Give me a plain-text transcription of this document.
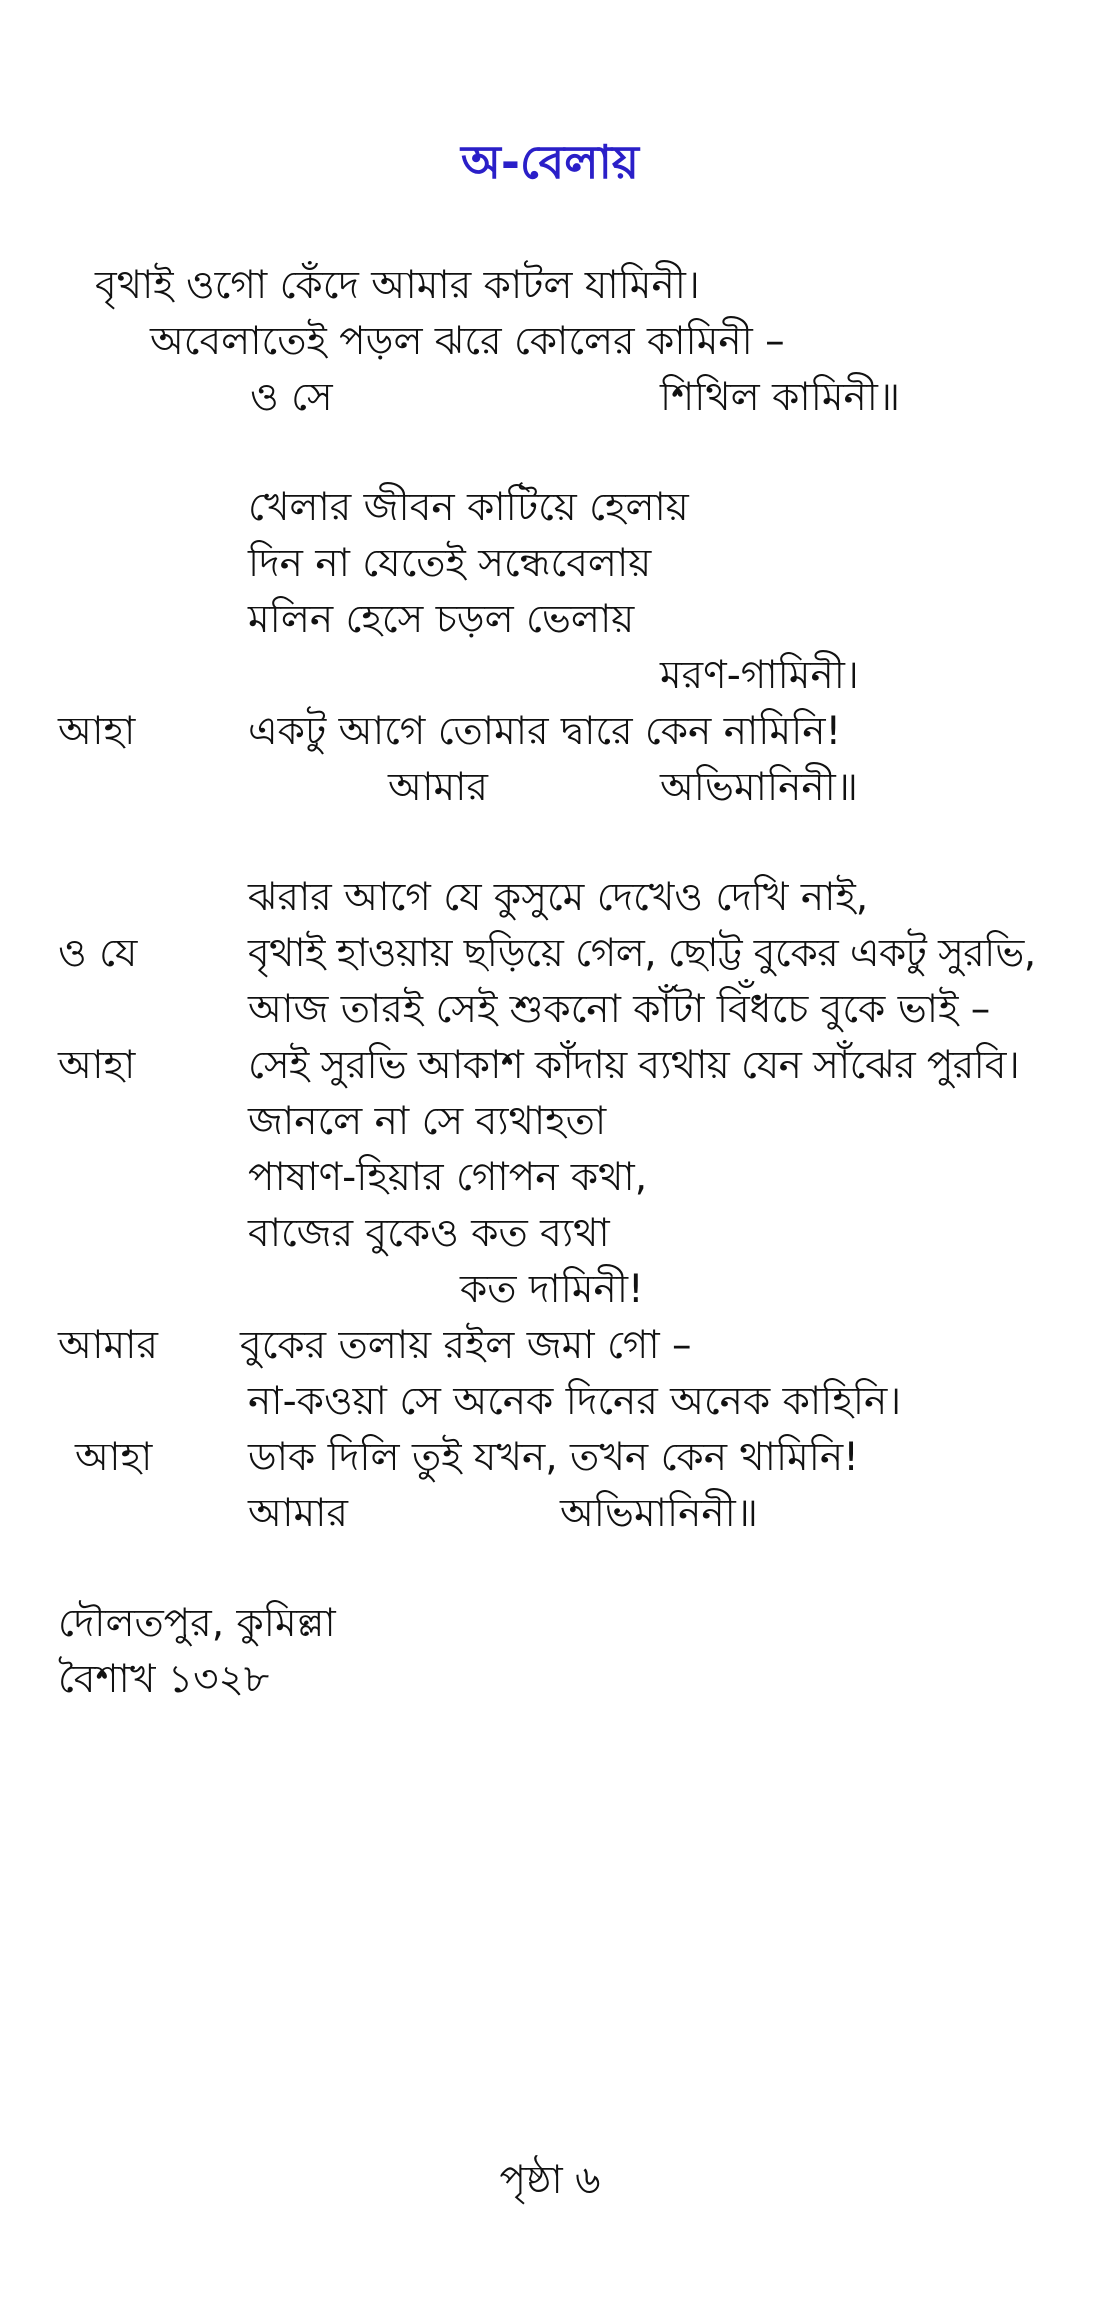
অ-বেলায়
বৃথাই ওগো কেঁদে আমার কাটল যামিনী।
অবেলাতেই পড়ল ঝরে কোলের কামিনী –
ও সে	শিথিল কামিনী॥
খেলার জীবন কাটিয়ে হেলায়
দিন না যেতেই সন্ধেবেলায়
মলিন হেসে চড়ল ভেলায়
মরণ-গামিনী।
আহা	একটু আগে তোমার দ্বারে কেন নামিনি!
আমার	অভিমানিনী॥
ঝরার আগে যে কুসুমে দেখেও দেখি নাই,
ও যে	বৃথাই হাওয়ায় ছড়িয়ে গেল, ছোট্ট বুকের একটু সুরভি,
আজ তারই সেই শুকনো কাঁটা বিঁধচে বুকে ভাই –
আহা	সেই সুরভি আকাশ কাঁদায় ব্যথায় যেন সাঁঝের পুরবি।
জানলে না সে ব্যথাহতা
পাষাণ-হিয়ার গোপন কথা,
বাজের বুকেও কত ব্যথা
কত দামিনী!
আমার বুকের তলায় রইল জমা গো –
না-কওয়া সে অনেক দিনের অনেক কাহিনি।
আহা ডাক দিলি তুই যখন, তখন কেন থামিনি!
আমার	অভিমানিনী॥
দৌলতপুর, কুমিল্লা
বৈশাখ ১৩২৮
পৃষ্ঠা ৬
